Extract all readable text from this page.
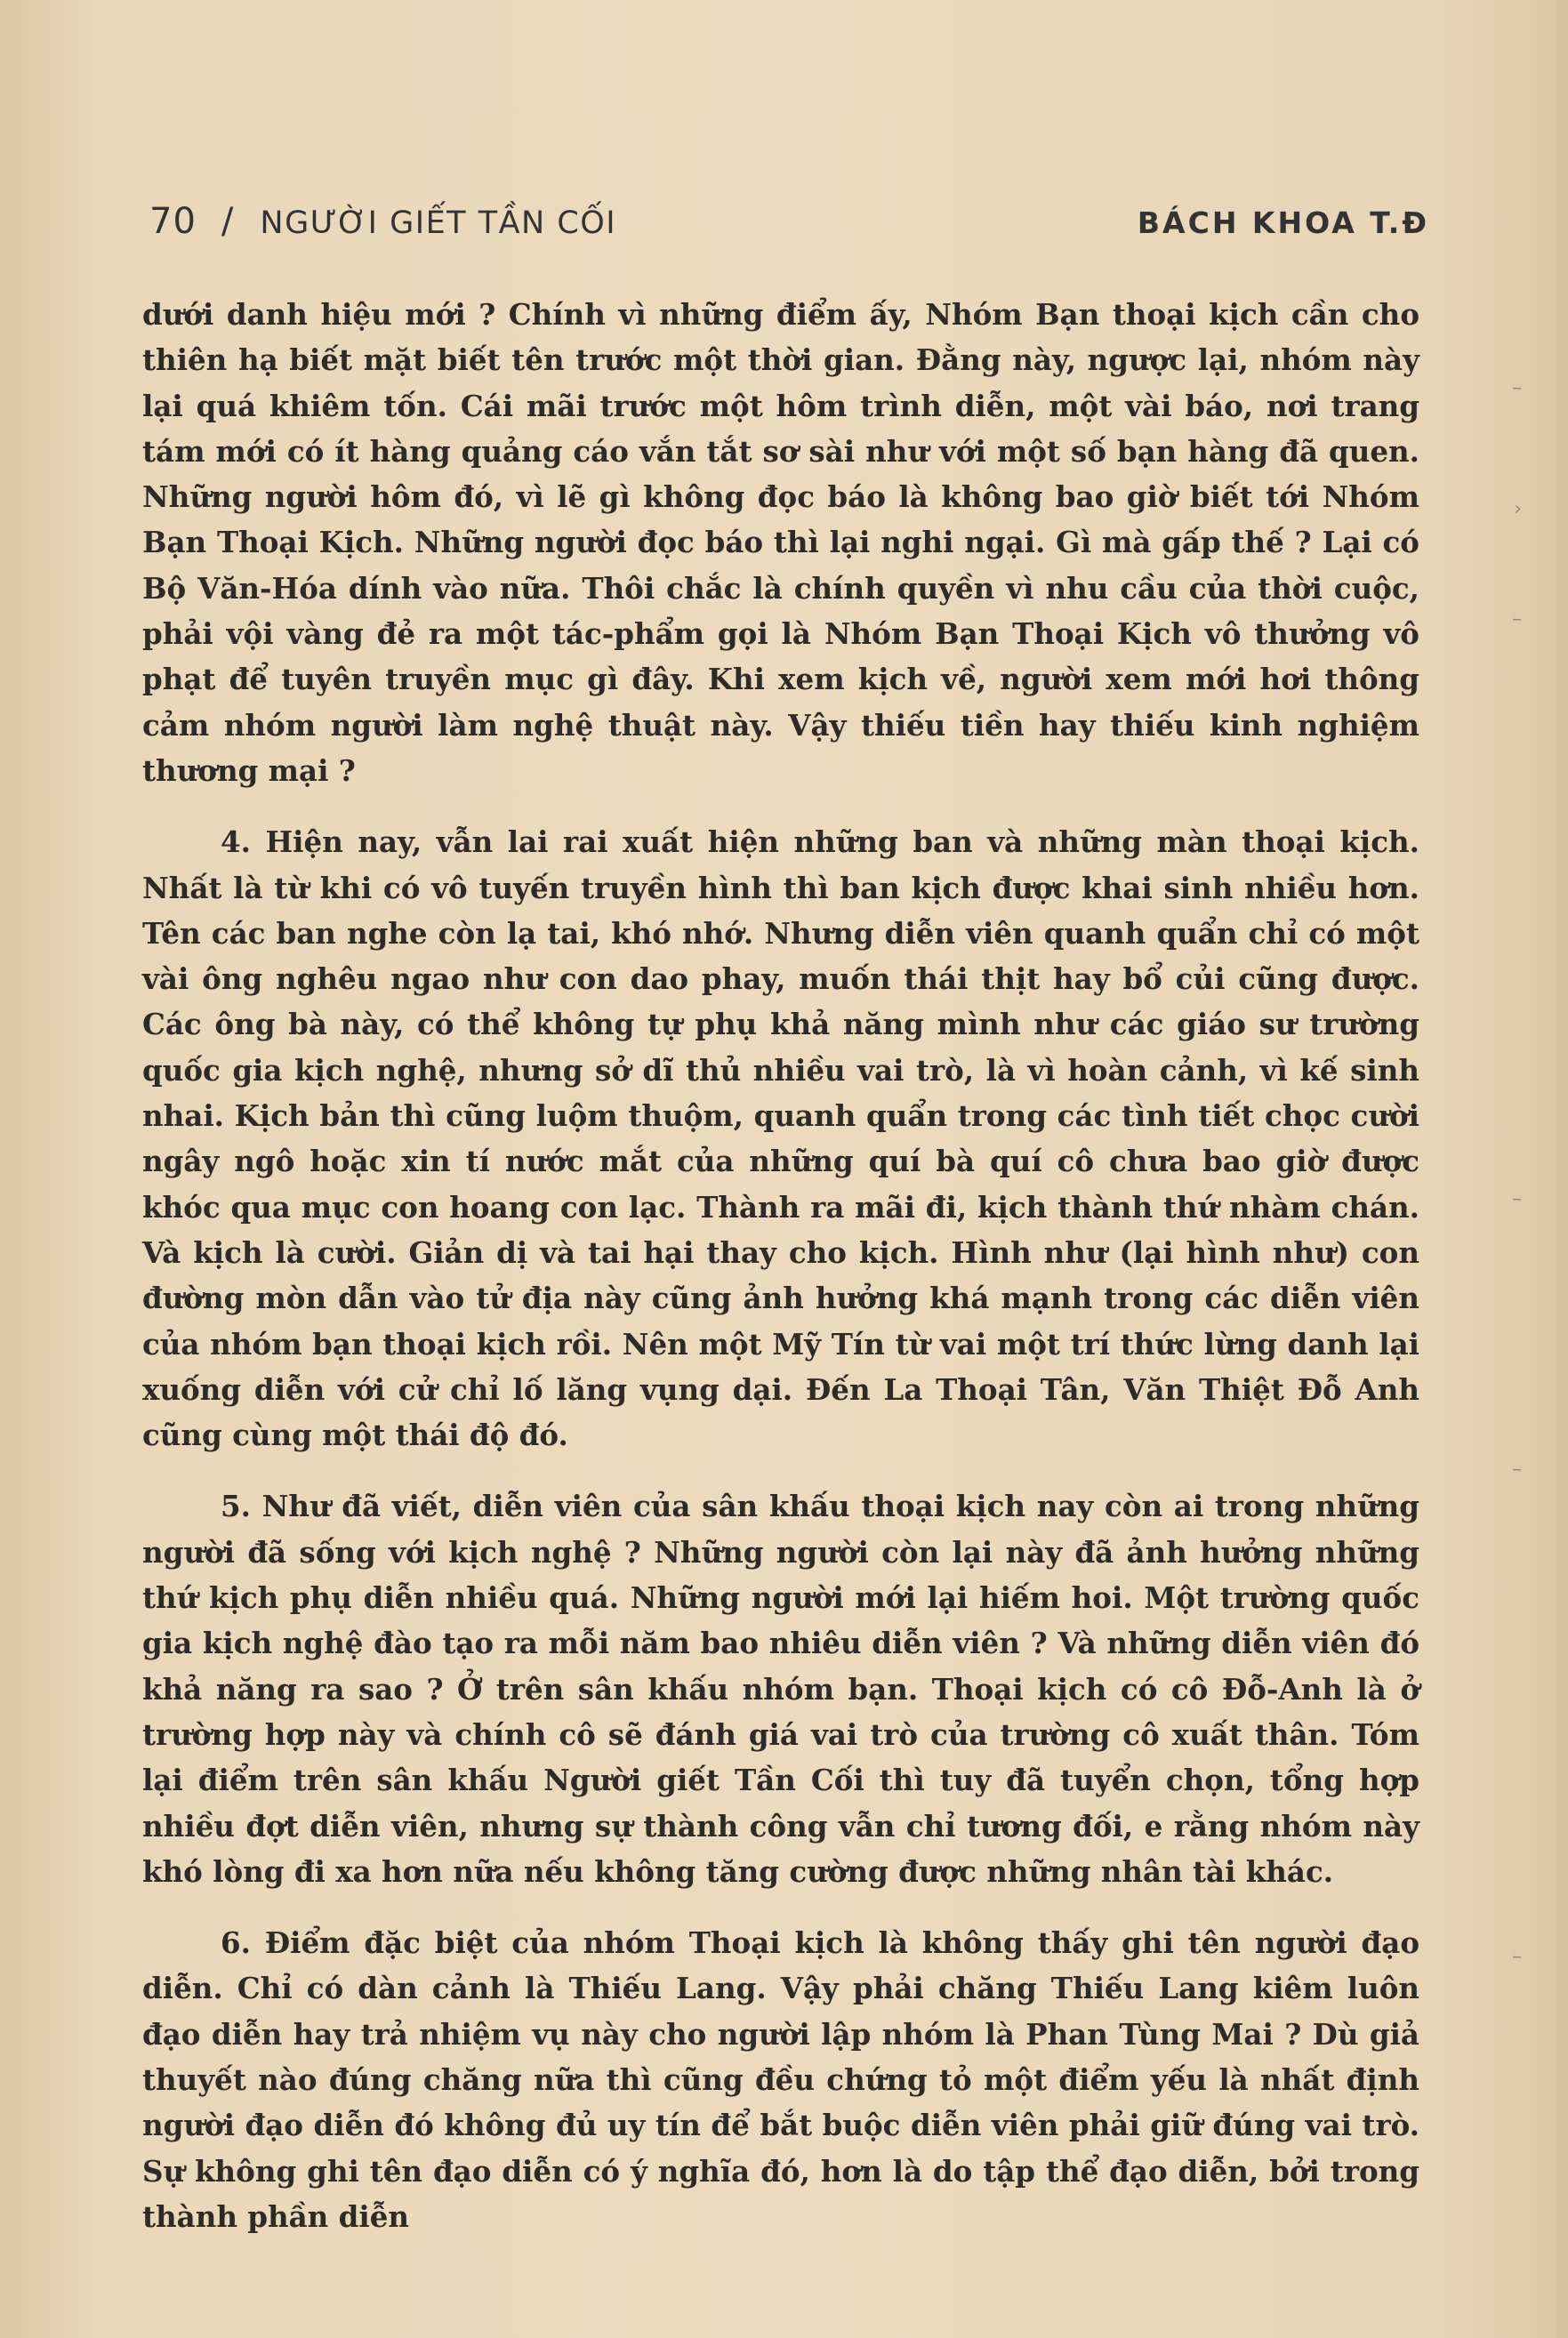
70 / NGƯỜI GIẾT TẦN CỐI	BÁCH KHOA T.Đ

dưới danh hiệu mới ? Chính vì những điểm ấy, Nhóm Bạn thoại kịch cần cho thiên hạ biết mặt biết tên trước một thời gian. Đằng này, ngược lại, nhóm này lại quá khiêm tốn. Cái mãi trước một hôm trình diễn, một vài báo, nơi trang tám mới có ít hàng quảng cáo vắn tắt sơ sài như với một số bạn hàng đã quen. Những người hôm đó, vì lẽ gì không đọc báo là không bao giờ biết tới Nhóm Bạn Thoại Kịch. Những người đọc báo thì lại nghi ngại. Gì mà gấp thế ? Lại có Bộ Văn-Hóa dính vào nữa. Thôi chắc là chính quyền vì nhu cầu của thời cuộc, phải vội vàng đẻ ra một tác-phẩm gọi là Nhóm Bạn Thoại Kịch vô thưởng vô phạt để tuyên truyền mục gì đây. Khi xem kịch về, người xem mới hơi thông cảm nhóm người làm nghệ thuật này. Vậy thiếu tiền hay thiếu kinh nghiệm thương mại ?

4. Hiện nay, vẫn lai rai xuất hiện những ban và những màn thoại kịch. Nhất là từ khi có vô tuyến truyền hình thì ban kịch được khai sinh nhiều hơn. Tên các ban nghe còn lạ tai, khó nhớ. Nhưng diễn viên quanh quẩn chỉ có một vài ông nghêu ngao như con dao phay, muốn thái thịt hay bổ củi cũng được. Các ông bà này, có thể không tự phụ khả năng mình như các giáo sư trường quốc gia kịch nghệ, nhưng sở dĩ thủ nhiều vai trò, là vì hoàn cảnh, vì kế sinh nhai. Kịch bản thì cũng luộm thuộm, quanh quẩn trong các tình tiết chọc cười ngây ngô hoặc xin tí nước mắt của những quí bà quí cô chưa bao giờ được khóc qua mục con hoang con lạc. Thành ra mãi đi, kịch thành thứ nhàm chán. Và kịch là cười. Giản dị và tai hại thay cho kịch. Hình như (lại hình như) con đường mòn dẫn vào tử địa này cũng ảnh hưởng khá mạnh trong các diễn viên của nhóm bạn thoại kịch rồi. Nên một Mỹ Tín từ vai một trí thức lừng danh lại xuống diễn với cử chỉ lố lăng vụng dại. Đến La Thoại Tân, Văn Thiệt Đỗ Anh cũng cùng một thái độ đó.

5. Như đã viết, diễn viên của sân khấu thoại kịch nay còn ai trong những người đã sống với kịch nghệ ? Những người còn lại này đã ảnh hưởng những thứ kịch phụ diễn nhiều quá. Những người mới lại hiếm hoi. Một trường quốc gia kịch nghệ đào tạo ra mỗi năm bao nhiêu diễn viên ? Và những diễn viên đó khả năng ra sao ? Ở trên sân khấu nhóm bạn. Thoại kịch có cô Đỗ-Anh là ở trường hợp này và chính cô sẽ đánh giá vai trò của trường cô xuất thân. Tóm lại điểm trên sân khấu Người giết Tần Cối thì tuy đã tuyển chọn, tổng hợp nhiều đợt diễn viên, nhưng sự thành công vẫn chỉ tương đối, e rằng nhóm này khó lòng đi xa hơn nữa nếu không tăng cường được những nhân tài khác.

6. Điểm đặc biệt của nhóm Thoại kịch là không thấy ghi tên người đạo diễn. Chỉ có dàn cảnh là Thiếu Lang. Vậy phải chăng Thiếu Lang kiêm luôn đạo diễn hay trả nhiệm vụ này cho người lập nhóm là Phan Tùng Mai ? Dù giả thuyết nào đúng chăng nữa thì cũng đều chứng tỏ một điểm yếu là nhất định người đạo diễn đó không đủ uy tín để bắt buộc diễn viên phải giữ đúng vai trò. Sự không ghi tên đạo diễn có ý nghĩa đó, hơn là do tập thể đạo diễn, bởi trong thành phần diễn

–
›
–
–
–
–
